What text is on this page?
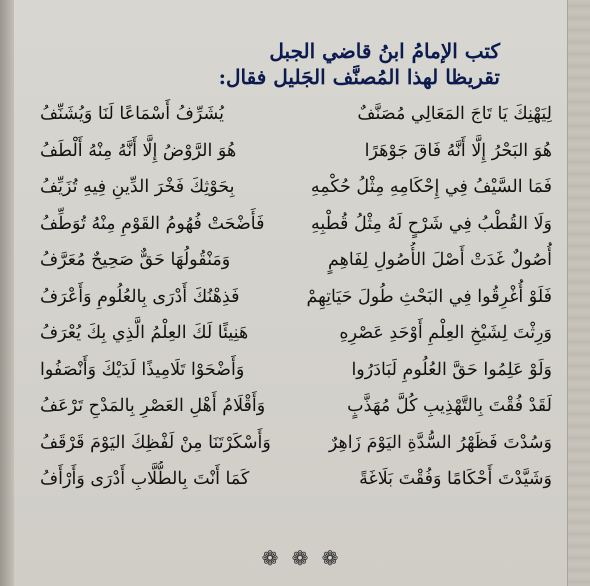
كتب الإمامُ ابنُ قاضي الجبل
تقريظا لهذا المُصنَّف الجَليل فقال:
لِيَهْنِكَ يَا تَاجَ المَعَالِي مُصَنَّفٌ
هُوَ البَحْرُ إِلَّا أَنَّهُ فَاقَ جَوْهَرًا
فَمَا السَّيْفُ فِي إِحْكَامِهِ مِثْلُ حُكْمِهِ
وَلَا القُطْبُ فِي شَرْحٍ لَهُ مِثْلُ قُطْبِهِ
أُصُولٌ غَدَتْ أَصْلَ الأُصُولِ لِفَاهِمٍ
فَلَوْ أُغْرِقُوا فِي البَحْثِ طُولَ حَيَاتِهِمْ
وَرِثْتَ لِشَيْخِ العِلْمِ أَوْحَدِ عَصْرِهِ
وَلَوْ عَلِمُوا حَقَّ العُلُومِ لَبَادَرُوا
لَقَدْ فُقْتَ بِالتَّهْذِيبِ كُلَّ مُهَذَّبٍ
وَسُدْتَ فَظَهْرُ السُّدَّةِ اليَوْمَ زَاهِرٌ
وَشَيَّدْتَ أَحْكَامًا وَفُقْتَ بَلَاغَةً
يُشَرِّفُ أَسْمَاعًا لَنَا وَيُشَنِّفُ
هُوَ الرَّوْضُ إِلَّا أَنَّهُ مِنْهُ أَلْطَفُ
بِحَوْثِكَ فَخْرَ الدِّينِ فِيهِ تُزَيِّفُ
فَأَضْحَتْ فُهُومُ القَوْمِ مِنْهُ تُوَطِّفُ
وَمَنْقُولُهَا حَقٌّ صَحِيحٌ مُعَرَّفُ
فَذِهْنُكَ أَدْرَى بِالعُلُومِ وَأَعْرَفُ
هَنِيئًا لَكَ العِلْمُ الَّذِي بِكَ يُعْرَفُ
وَأَضْحَوْا تَلَامِيذًا لَدَيْكَ وَأَنْصَفُوا
وَأَقْلَامُ أَهْلِ العَصْرِ بِالمَدْحِ تَرْعَفُ
وَأَسْكَرْتَنَا مِنْ لَفْظِكَ اليَوْمَ قَرْقَفُ
كَمَا أَنْتَ بِالطُّلَّابِ أَدْرَى وَأَرْأَفُ
❁ ❁ ❁
